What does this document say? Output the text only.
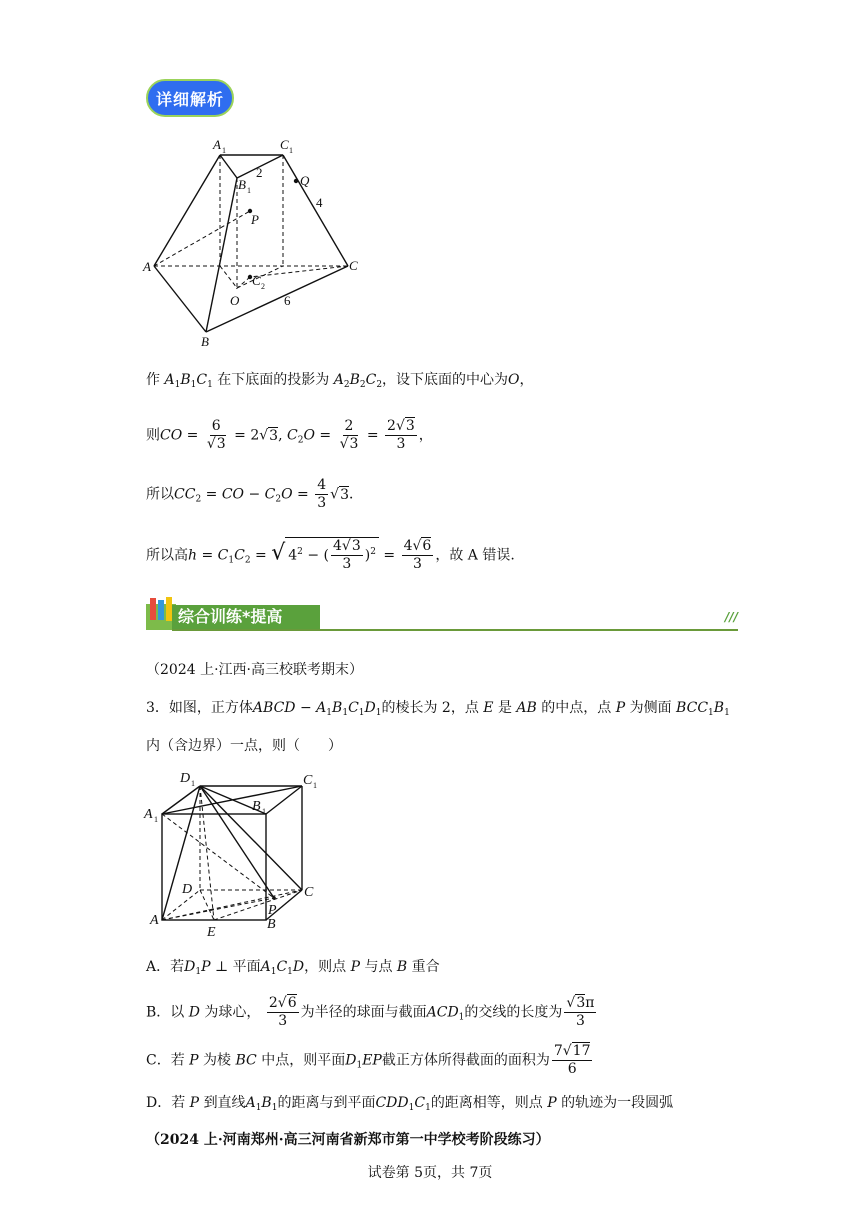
详细解析
A 1	C 1
B 1
2
Q
4
P
A	C
C 2
O	6
B
作 $A_1B_1C_1$ 在下底面的投影为 $A_2B_2C_2$，设下底面的中心为O，
则CO = $\frac{6}{√3} = 2√3$, $C_2O = \frac{2}{√3} = \frac{2√3}{3}$ ，
所以$CC_2$ = CO − $C_2O = \frac{4}{3} √3$．
所以高$h = C_1C_2$ = √ $4^2$ − ( $\frac{4√3}{3} )^2 = \frac{4√6}{3}$ ，故 A 错误.
综合训练*提高	///
（2024 上·江西·高三校联考期末）
3．如图，正方体ABCD − $A_1B_1C_1D_1$的棱长为 2，点 E 是 AB 的中点，点 P 为侧面 $BCC_1B_1$
内（含边界）一点，则（　　）
D 1	C 1
A 1
B 1
D	C
P
A	B
E
A．若$D_1P$ ⊥ 平面$A_1C_1D$，则点 P 与点 B 重合
B．以 D 为球心， $\frac{2√6}{3}$ 为半径的球面与截面$ACD_1$的交线的长度为 $\frac{√3\pi}{3}$
C．若 P 为棱 BC 中点，则平面$D_1EP$截正方体所得截面的面积为 $\frac{7√17}{6}$
D．若 P 到直线$A_1B_1$的距离与到平面$CDD_1C_1$的距离相等，则点 P 的轨迹为一段圆弧
（2024 上·河南郑州·高三河南省新郑市第一中学校考阶段练习）
试卷第 5页，共 7页
